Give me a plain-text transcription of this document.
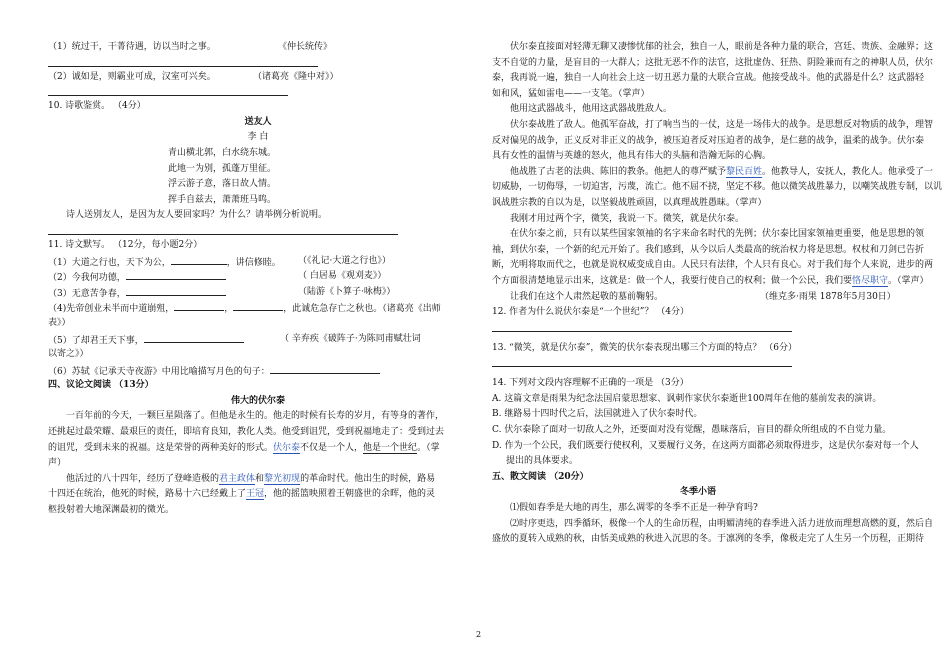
（1）统过干，干菁待遇，访以当时之事。	《仲长统传》
（2）诚如是，则霸业可成，汉室可兴矣。	（诸葛亮《隆中对》）
10. 诗歌鉴赏。 （4分）
送友人
李 白
青山横北郭，白水绕东城。
此地一为别，孤蓬万里征。
浮云游子意，落日故人情。
挥手自兹去，萧萧班马鸣。
诗人送别友人，是因为友人要回家吗？为什么？请举例分析说明。
11. 诗文默写。 （12分，每小题2分）
（1）大道之行也，天下为公，	，讲信修睦。 （《礼记·大道之行也》）
（2）今我何功德，	（ 白居易《观刈麦》）
（3）无意苦争春，	（陆游《卜算子·咏梅》）
（4)先帝创业未半而中道崩殂，	，	，此诚危急存亡之秋也。（诸葛亮《出师
表》）
（5）了却君王天下事，	（ 辛弃疾《破阵子·为陈同甫赋壮词
以寄之》）
（6）苏轼《记承天寺夜游》中用比喻描写月色的句子：
四、议论文阅读 （13分）
伟大的伏尔泰
一百年前的今天，一颗巨星陨落了。但他是永生的。他走的时候有长寿的岁月，有等身的著作，
还挑起过最荣耀、最艰巨的责任，即培育良知，教化人类。他受到诅咒，受到祝福地走了：受到过去
的诅咒，受到未来的祝福。这是荣誉的两种美好的形式。伏尔泰不仅是一个人，他是一个世纪。（掌
声）
他活过的八十四年，经历了登峰造极的君主政体和黎光初现的革命时代。他出生的时候，路易
十四还在统治，他死的时候，路易十六已经戴上了王冠，他的摇篮映照着王朝盛世的余晖，他的灵
柩投射着大地深渊最初的微光。
伏尔泰直接面对轻薄无聊又凄惨忧郁的社会，独自一人，眼前是各种力量的联合，宫廷、贵族、金融界；这
支不自觉的力量，是盲目的一大群人；这批无恶不作的法官，这批虚伪、狂热、阴险兼而有之的神职人员，伏尔
泰，我再说一遍，独自一人向社会上这一切丑恶力量的大联合宣战。他接受战斗。他的武器是什么？这武器轻
如和风，猛如雷电——一支笔。（掌声）
他用这武器战斗，他用这武器战胜敌人。
伏尔泰战胜了敌人。他孤军奋战，打了响当当的一仗，这是一场伟大的战争。是思想反对物质的战争，理智
反对偏见的战争，正义反对非正义的战争，被压迫者反对压迫者的战争，是仁慈的战争，温柔的战争。伏尔泰
具有女性的温情与英雄的怒火，他具有伟大的头脑和浩瀚无际的心胸。
他战胜了古老的法典、陈旧的教条。他把人的尊严赋予黎民百姓。他教导人，安抚人，教化人。他承受了一
切威胁，一切侮辱，一切迫害，污蔑，流亡。他不屈不挠，坚定不移。他以微笑战胜暴力，以嘲笑战胜专制，以讥
讽战胜宗教的自以为是，以坚毅战胜顽固，以真理战胜愚昧。（掌声）
我刚才用过两个字，微笑，我说一下。微笑，就是伏尔泰。
在伏尔泰之前，只有以某些国家领袖的名字来命名时代的先例；伏尔泰比国家领袖更重要，他是思想的领
袖，到伏尔泰，一个新的纪元开始了。我们感到，从今以后人类最高的统治权力将是思想。权杖和刀剑已告折
断，光明将取而代之，也就是说权威变成自由。人民只有法律，个人只有良心。对于我们每个人来说，进步的两
个方面很清楚地显示出来，这就是：做一个人，我要行使自己的权利；做一个公民，我们要恪尽职守。（掌声）
让我们在这个人肃然起敬的墓前鞠躬。	（维克多·雨果 1878年5月30日）
12. 作者为什么说伏尔泰是“一个世纪”？ （4分）
13. “微笑，就是伏尔泰”，微笑的伏尔泰表现出哪三个方面的特点？ （6分）
14. 下列对文段内容理解不正确的一项是 （3分）
A. 这篇文章是雨果为纪念法国启蒙思想家、讽刺作家伏尔泰逝世100周年在他的墓前发表的演讲。
B. 继路易十四时代之后，法国就进入了伏尔泰时代。
C. 伏尔泰除了面对一切敌人之外，还要面对没有觉醒，愚昧落后，盲目的群众所组成的不自觉力量。
D. 作为一个公民，我们既要行使权利，又要履行义务，在这两方面都必须取得进步，这是伏尔泰对每一个人
提出的具体要求。
五、散文阅读 （20分）
冬季小语
⑴假如春季是大地的再生，那么凋零的冬季不正是一种孕育吗?
⑵时序更迭，四季循环，极像一个人的生命历程，由明媚清纯的春季进入活力迸放而理想高燃的夏，然后自
盛放的夏转入成熟的秋，由恬美成熟的秋进入沉思的冬。于凛冽的冬季，像极走完了人生另一个历程，正期待
2
